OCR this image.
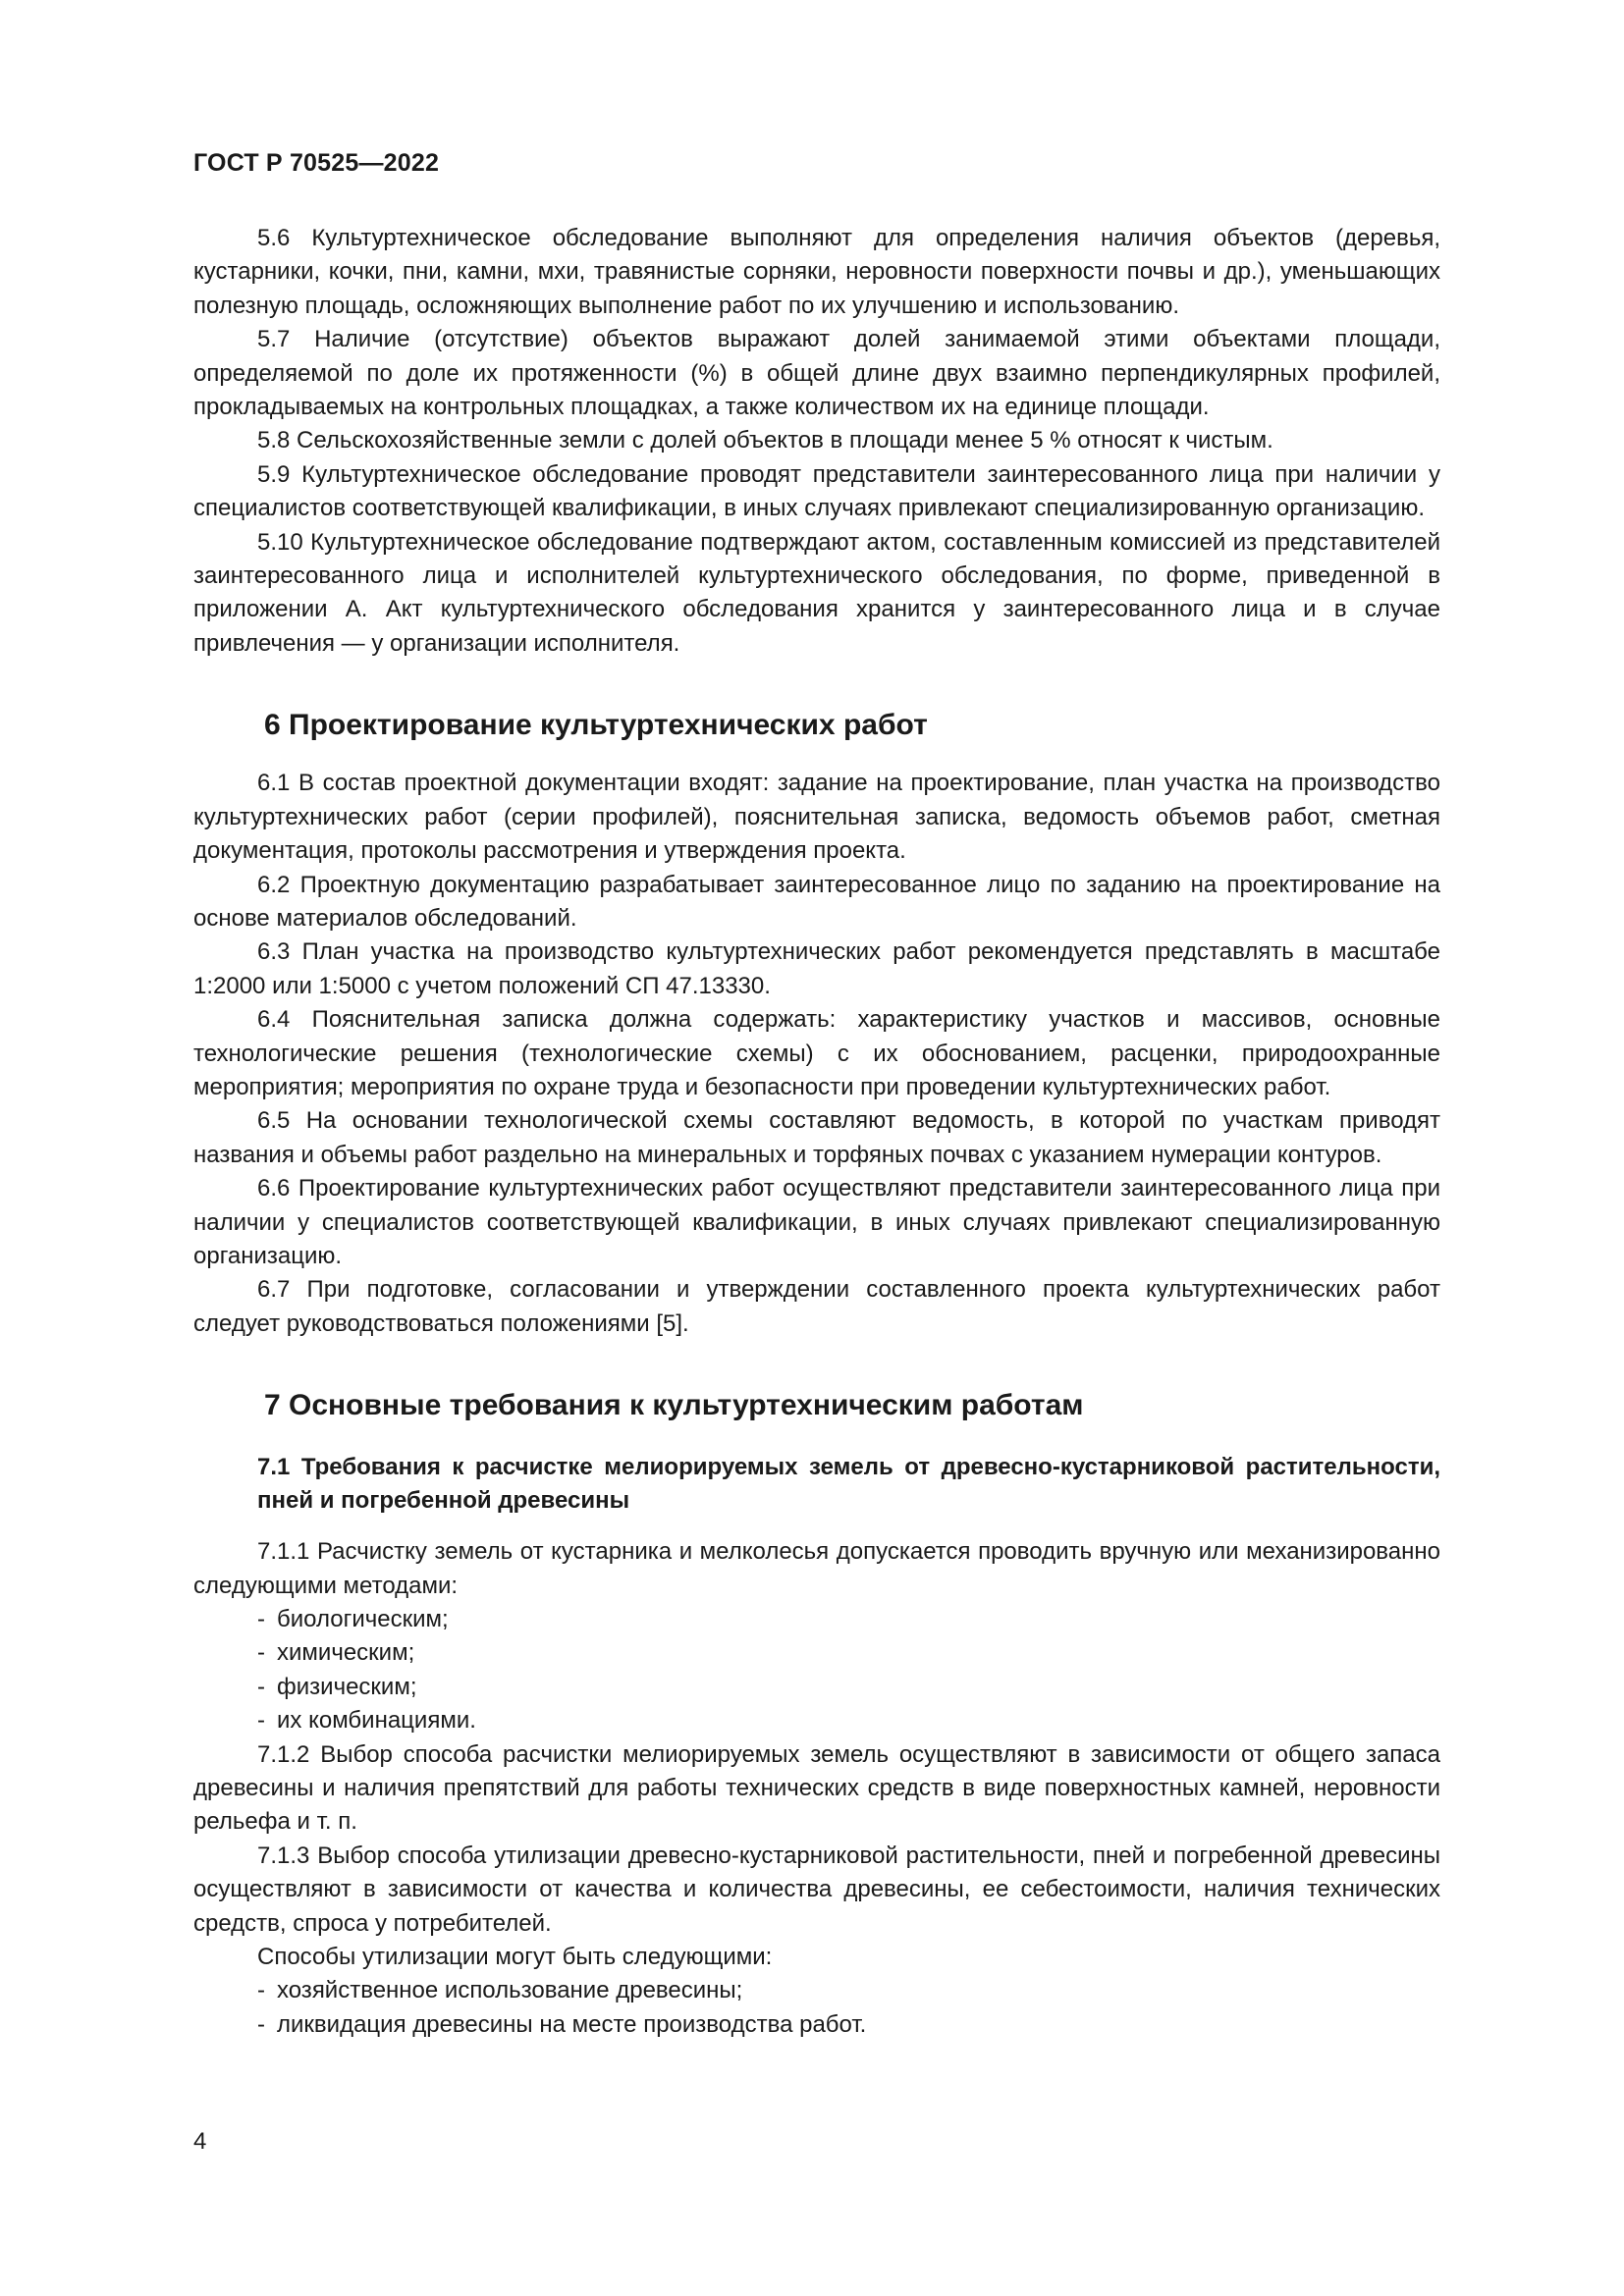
ГОСТ Р 70525—2022

5.6 Культуртехническое обследование выполняют для определения наличия объектов (деревья, кустарники, кочки, пни, камни, мхи, травянистые сорняки, неровности поверхности почвы и др.), уменьшающих полезную площадь, осложняющих выполнение работ по их улучшению и использованию.

5.7 Наличие (отсутствие) объектов выражают долей занимаемой этими объектами площади, определяемой по доле их протяженности (%) в общей длине двух взаимно перпендикулярных профилей, прокладываемых на контрольных площадках, а также количеством их на единице площади.

5.8 Сельскохозяйственные земли с долей объектов в площади менее 5 % относят к чистым.

5.9 Культуртехническое обследование проводят представители заинтересованного лица при наличии у специалистов соответствующей квалификации, в иных случаях привлекают специализированную организацию.

5.10 Культуртехническое обследование подтверждают актом, составленным комиссией из представителей заинтересованного лица и исполнителей культуртехнического обследования, по форме, приведенной в приложении А. Акт культуртехнического обследования хранится у заинтересованного лица и в случае привлечения — у организации исполнителя.

6 Проектирование культуртехнических работ

6.1 В состав проектной документации входят: задание на проектирование, план участка на производство культуртехнических работ (серии профилей), пояснительная записка, ведомость объемов работ, сметная документация, протоколы рассмотрения и утверждения проекта.

6.2 Проектную документацию разрабатывает заинтересованное лицо по заданию на проектирование на основе материалов обследований.

6.3 План участка на производство культуртехнических работ рекомендуется представлять в масштабе 1:2000 или 1:5000 с учетом положений СП 47.13330.

6.4 Пояснительная записка должна содержать: характеристику участков и массивов, основные технологические решения (технологические схемы) с их обоснованием, расценки, природоохранные мероприятия; мероприятия по охране труда и безопасности при проведении культуртехнических работ.

6.5 На основании технологической схемы составляют ведомость, в которой по участкам приводят названия и объемы работ раздельно на минеральных и торфяных почвах с указанием нумерации контуров.

6.6 Проектирование культуртехнических работ осуществляют представители заинтересованного лица при наличии у специалистов соответствующей квалификации, в иных случаях привлекают специализированную организацию.

6.7 При подготовке, согласовании и утверждении составленного проекта культуртехнических работ следует руководствоваться положениями [5].

7 Основные требования к культуртехническим работам
7.1 Требования к расчистке мелиорируемых земель от древесно-кустарниковой растительности, пней и погребенной древесины

7.1.1 Расчистку земель от кустарника и мелколесья допускается проводить вручную или механизированно следующими методами:

- биологическим;
- химическим;
- физическим;
- их комбинациями.

7.1.2 Выбор способа расчистки мелиорируемых земель осуществляют в зависимости от общего запаса древесины и наличия препятствий для работы технических средств в виде поверхностных камней, неровности рельефа и т. п.

7.1.3 Выбор способа утилизации древесно-кустарниковой растительности, пней и погребенной древесины осуществляют в зависимости от качества и количества древесины, ее себестоимости, наличия технических средств, спроса у потребителей.

Способы утилизации могут быть следующими:

- хозяйственное использование древесины;
- ликвидация древесины на месте производства работ.
4
